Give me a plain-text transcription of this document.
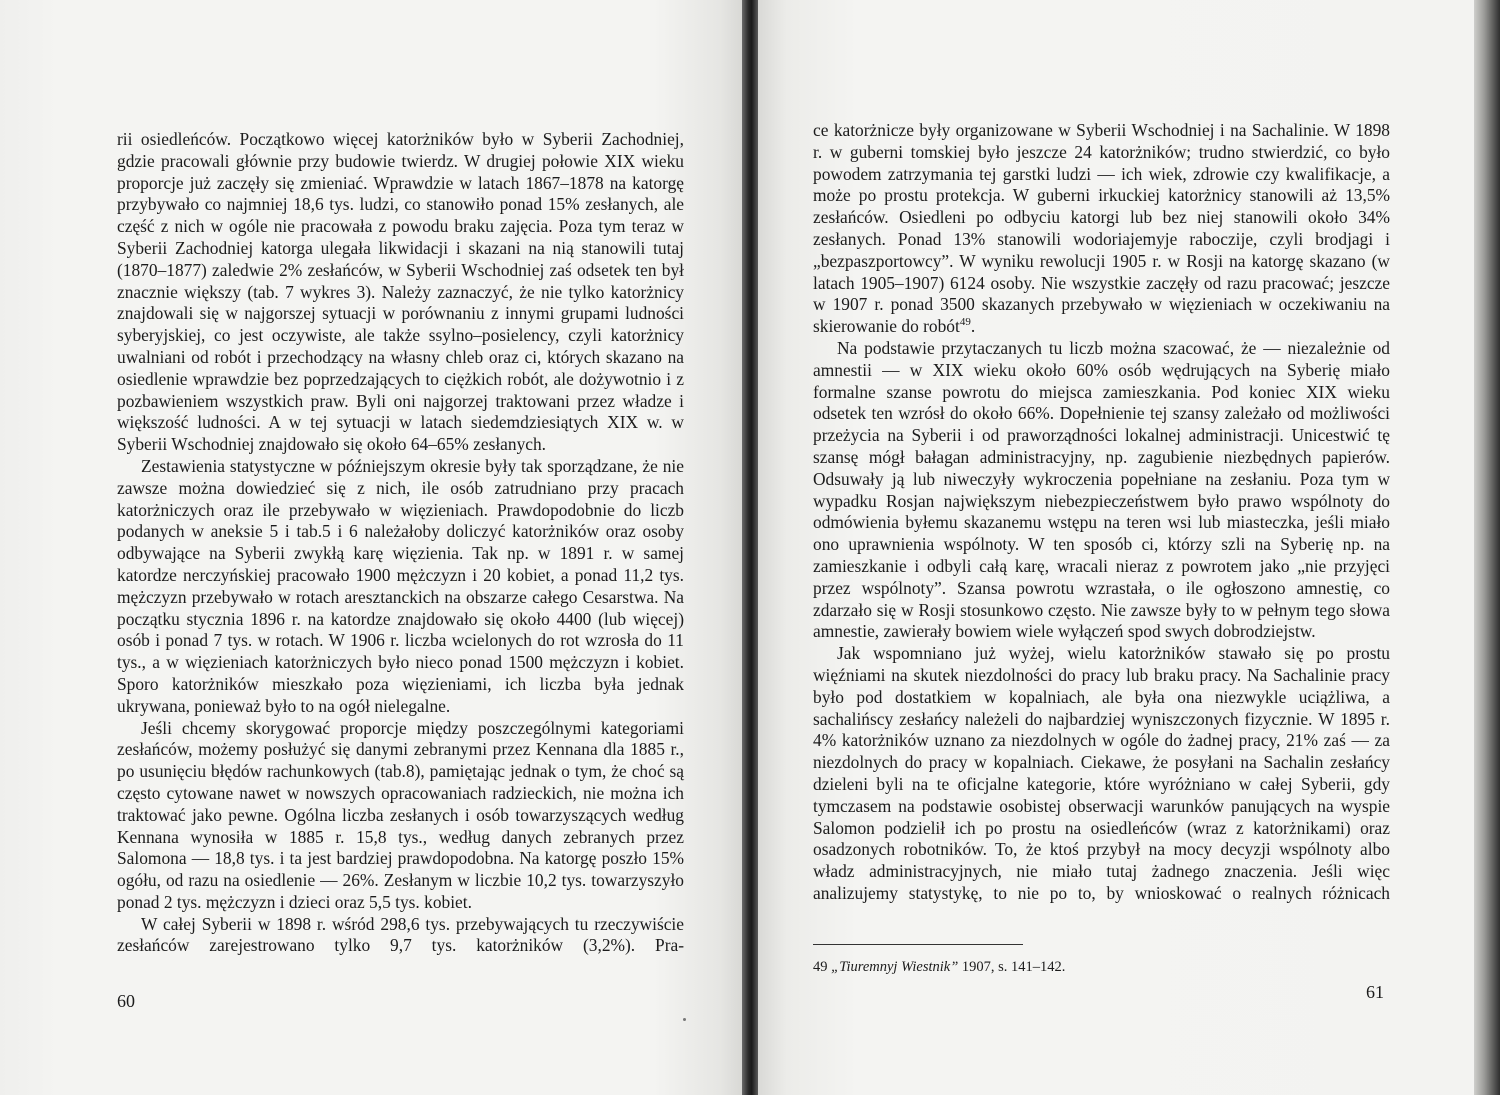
rii osiedleńców. Początkowo więcej katorżników było w Syberii Zachodniej, gdzie pracowali głównie przy budowie twierdz. W drugiej połowie XIX wieku proporcje już zaczęły się zmieniać. Wprawdzie w latach 1867–1878 na katorgę przybywało co najmniej 18,6 tys. ludzi, co stanowiło ponad 15% zesłanych, ale część z nich w ogóle nie pracowała z powodu braku zajęcia. Poza tym teraz w Syberii Zachodniej katorga ulegała likwidacji i skazani na nią stanowili tutaj (1870–1877) zaledwie 2% zesłańców, w Syberii Wschodniej zaś odsetek ten był znacznie większy (tab. 7 wykres 3). Należy zaznaczyć, że nie tylko katorżnicy znajdowali się w najgorszej sytuacji w porównaniu z innymi grupami ludności syberyjskiej, co jest oczywiste, ale także ssylno–posielency, czyli katorżnicy uwalniani od robót i przechodzący na własny chleb oraz ci, których skazano na osiedlenie wprawdzie bez poprzedzających to ciężkich robót, ale dożywotnio i z pozbawieniem wszystkich praw. Byli oni najgorzej traktowani przez władze i większość ludności. A w tej sytuacji w latach siedemdziesiątych XIX w. w Syberii Wschodniej znajdowało się około 64–65% zesłanych.

Zestawienia statystyczne w późniejszym okresie były tak sporządzane, że nie zawsze można dowiedzieć się z nich, ile osób zatrudniano przy pracach katorżniczych oraz ile przebywało w więzieniach. Prawdopodobnie do liczb podanych w aneksie 5 i tab.5 i 6 należałoby doliczyć katorżników oraz osoby odbywające na Syberii zwykłą karę więzienia. Tak np. w 1891 r. w samej katordze nerczyńskiej pracowało 1900 mężczyzn i 20 kobiet, a ponad 11,2 tys. mężczyzn przebywało w rotach aresztanckich na obszarze całego Cesarstwa. Na początku stycznia 1896 r. na katordze znajdowało się około 4400 (lub więcej) osób i ponad 7 tys. w rotach. W 1906 r. liczba wcielonych do rot wzrosła do 11 tys., a w więzieniach katorżniczych było nieco ponad 1500 mężczyzn i kobiet. Sporo katorżników mieszkało poza więzieniami, ich liczba była jednak ukrywana, ponieważ było to na ogół nielegalne.

Jeśli chcemy skorygować proporcje między poszczególnymi kategoriami zesłańców, możemy posłużyć się danymi zebranymi przez Kennana dla 1885 r., po usunięciu błędów rachunkowych (tab.8), pamiętając jednak o tym, że choć są często cytowane nawet w nowszych opracowaniach radzieckich, nie można ich traktować jako pewne. Ogólna liczba zesłanych i osób towarzyszących według Kennana wynosiła w 1885 r. 15,8 tys., według danych zebranych przez Salomona — 18,8 tys. i ta jest bardziej prawdopodobna. Na katorgę poszło 15% ogółu, od razu na osiedlenie — 26%. Zesłanym w liczbie 10,2 tys. towarzyszyło ponad 2 tys. mężczyzn i dzieci oraz 5,5 tys. kobiet.

W całej Syberii w 1898 r. wśród 298,6 tys. przebywających tu rzeczywiście zesłańców zarejestrowano tylko 9,7 tys. katorżników (3,2%). Pra-

60

ce katorżnicze były organizowane w Syberii Wschodniej i na Sachalinie. W 1898 r. w guberni tomskiej było jeszcze 24 katorżników; trudno stwierdzić, co było powodem zatrzymania tej garstki ludzi — ich wiek, zdrowie czy kwalifikacje, a może po prostu protekcja. W guberni irkuckiej katorżnicy stanowili aż 13,5% zesłańców. Osiedleni po odbyciu katorgi lub bez niej stanowili około 34% zesłanych. Ponad 13% stanowili wodoriajemyje raboczije, czyli brodjagi i „bezpaszportowcy”. W wyniku rewolucji 1905 r. w Rosji na katorgę skazano (w latach 1905–1907) 6124 osoby. Nie wszystkie zaczęły od razu pracować; jeszcze w 1907 r. ponad 3500 skazanych przebywało w więzieniach w oczekiwaniu na skierowanie do robót$^{49}$.

Na podstawie przytaczanych tu liczb można szacować, że — niezależnie od amnestii — w XIX wieku około 60% osób wędrujących na Syberię miało formalne szanse powrotu do miejsca zamieszkania. Pod koniec XIX wieku odsetek ten wzrósł do około 66%. Dopełnienie tej szansy zależało od możliwości przeżycia na Syberii i od praworządności lokalnej administracji. Unicestwić tę szansę mógł bałagan administracyjny, np. zagubienie niezbędnych papierów. Odsuwały ją lub niweczyły wykroczenia popełniane na zesłaniu. Poza tym w wypadku Rosjan największym niebezpieczeństwem było prawo wspólnoty do odmówienia byłemu skazanemu wstępu na teren wsi lub miasteczka, jeśli miało ono uprawnienia wspólnoty. W ten sposób ci, którzy szli na Syberię np. na zamieszkanie i odbyli całą karę, wracali nieraz z powrotem jako „nie przyjęci przez wspólnoty”. Szansa powrotu wzrastała, o ile ogłoszono amnestię, co zdarzało się w Rosji stosunkowo często. Nie zawsze były to w pełnym tego słowa amnestie, zawierały bowiem wiele wyłączeń spod swych dobrodziejstw.

Jak wspomniano już wyżej, wielu katorżników stawało się po prostu więźniami na skutek niezdolności do pracy lub braku pracy. Na Sachalinie pracy było pod dostatkiem w kopalniach, ale była ona niezwykle uciążliwa, a sachalińscy zesłańcy należeli do najbardziej wyniszczonych fizycznie. W 1895 r. 4% katorżników uznano za niezdolnych w ogóle do żadnej pracy, 21% zaś — za niezdolnych do pracy w kopalniach. Ciekawe, że posyłani na Sachalin zesłańcy dzieleni byli na te oficjalne kategorie, które wyróżniano w całej Syberii, gdy tymczasem na podstawie osobistej obserwacji warunków panujących na wyspie Salomon podzielił ich po prostu na osiedleńców (wraz z katorżnikami) oraz osadzonych robotników. To, że ktoś przybył na mocy decyzji wspólnoty albo władz administracyjnych, nie miało tutaj żadnego znaczenia. Jeśli więc analizujemy statystykę, to nie po to, by wnioskować o realnych różnicach

49 „Tiuremnyj Wiestnik” 1907, s. 141–142.
61
